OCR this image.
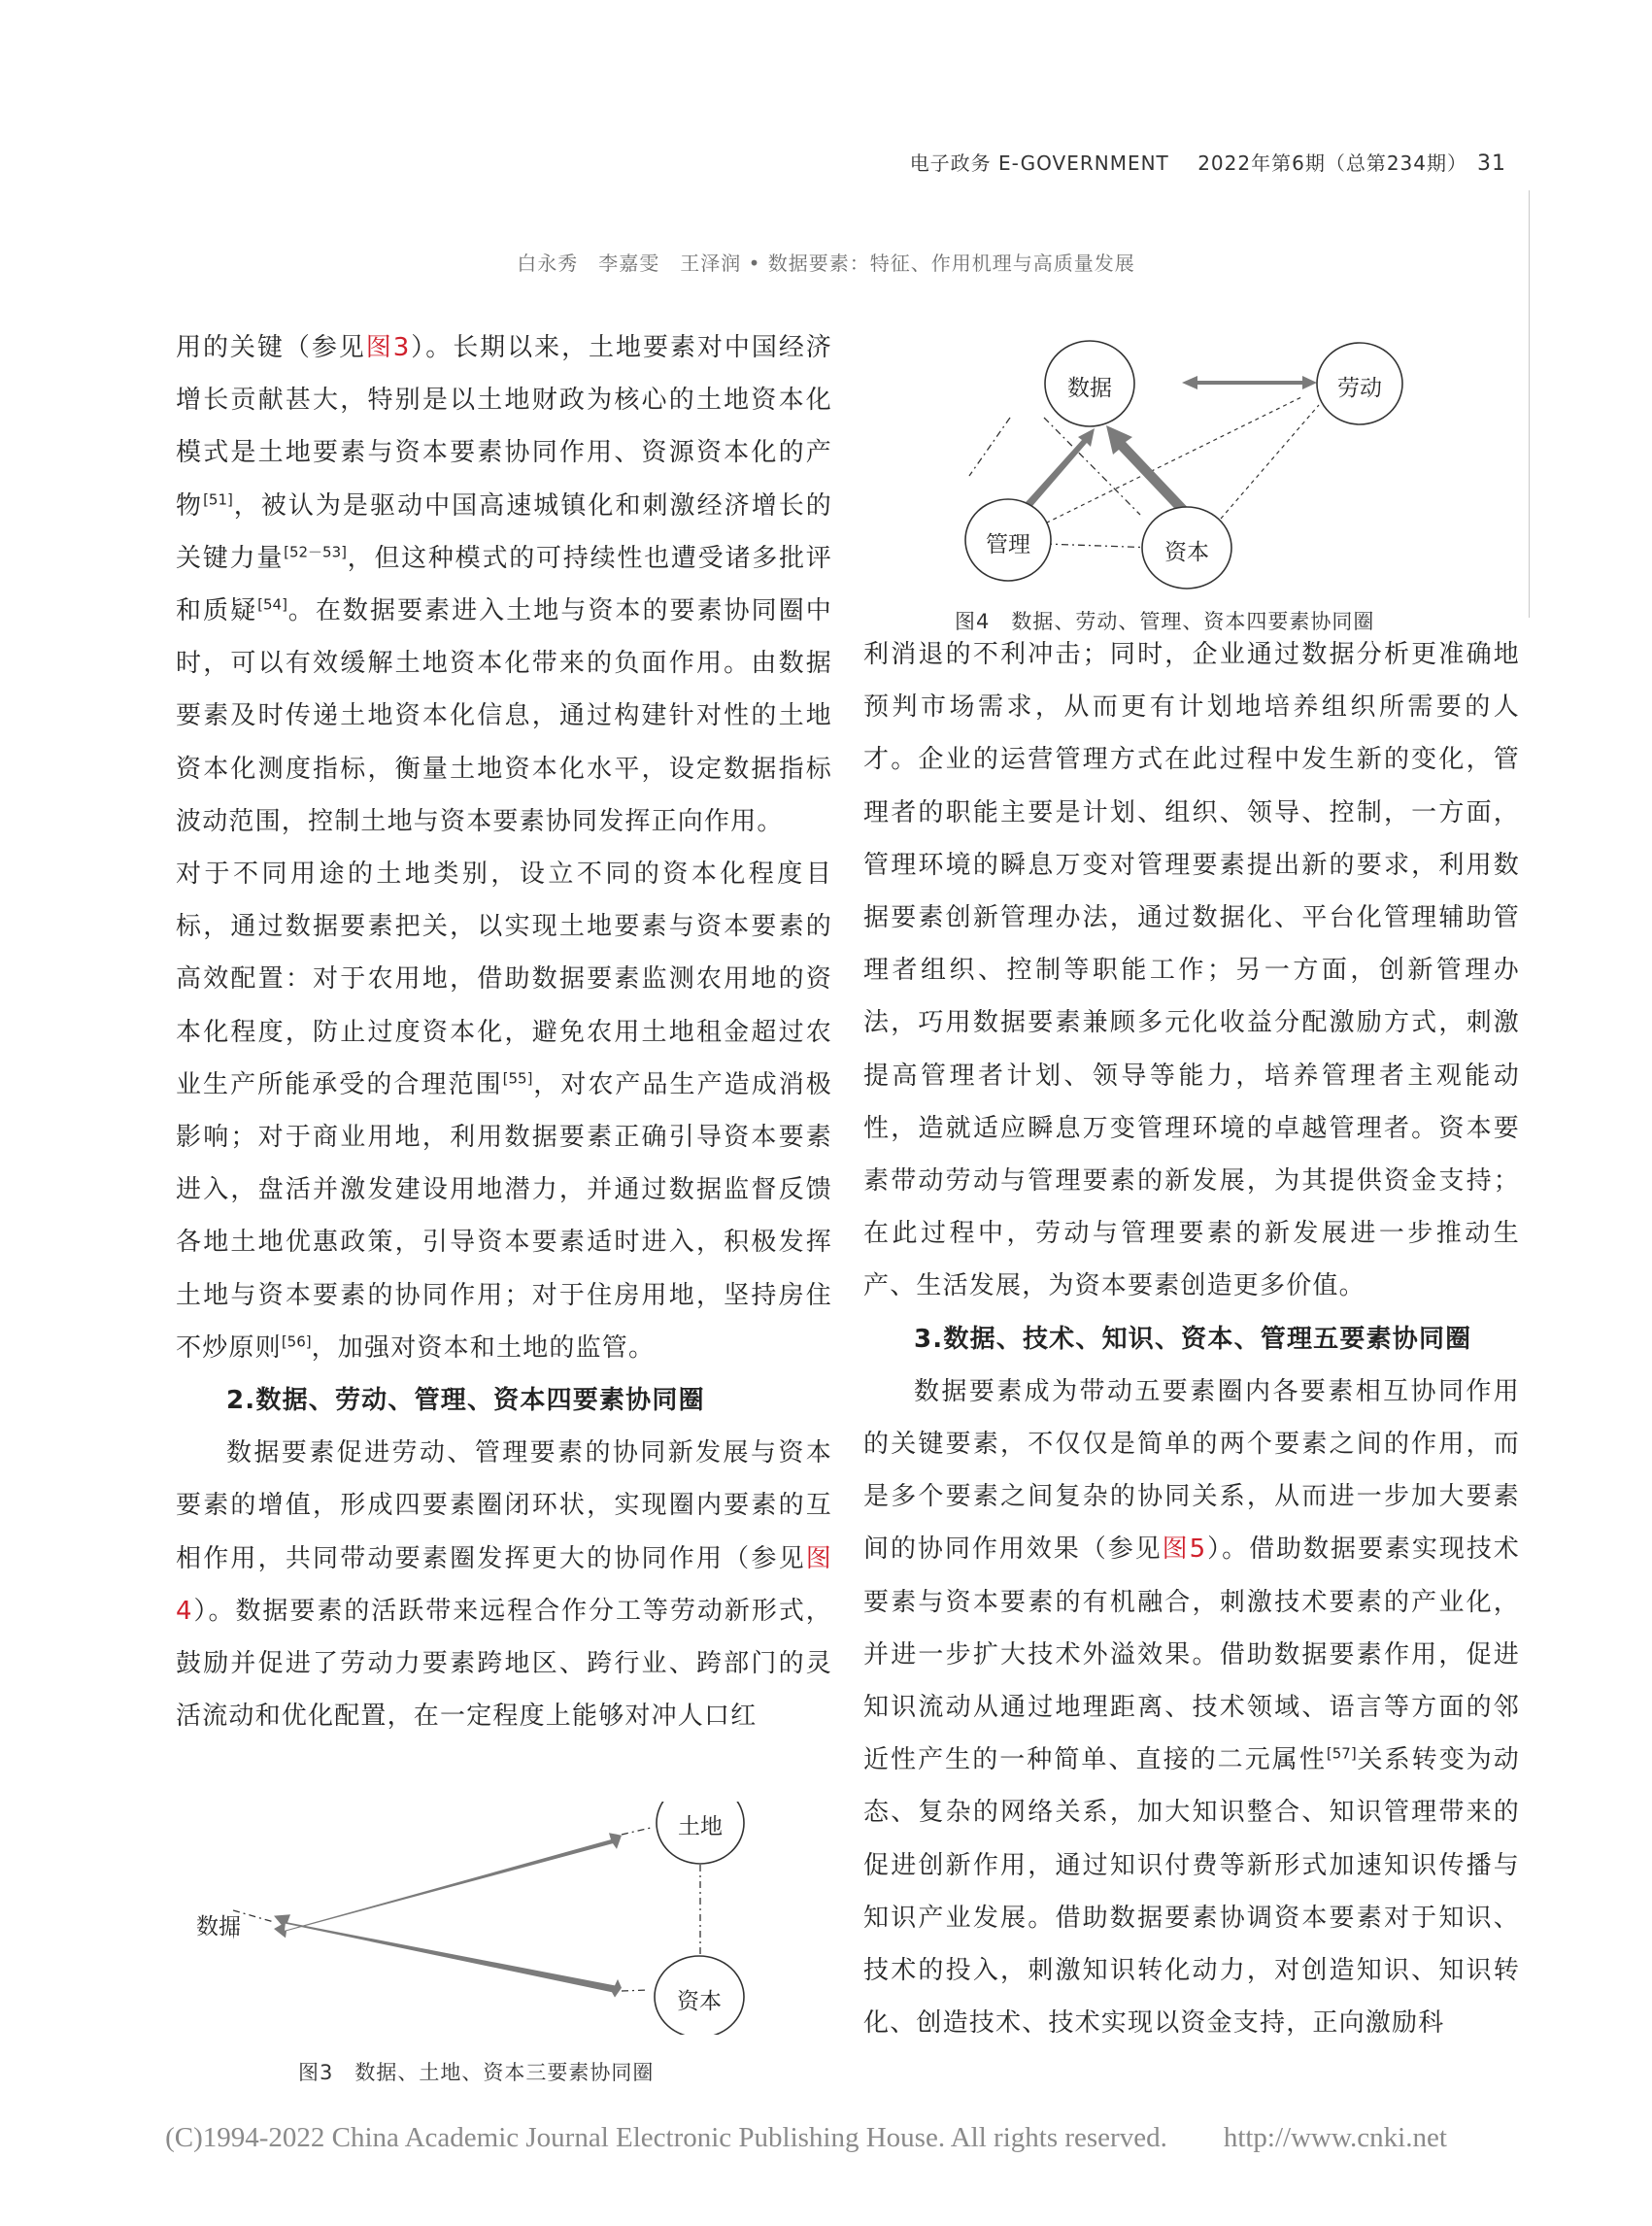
电子政务 E-GOVERNMENT 2022年第6期（总第234期） 31
白永秀　李嘉雯　王泽润 • 数据要素：特征、作用机理与高质量发展

用的关键（参见图3）。长期以来，土地要素对中国经济增长贡献甚大，特别是以土地财政为核心的土地资本化模式是土地要素与资本要素协同作用、资源资本化的产物[51]，被认为是驱动中国高速城镇化和刺激经济增长的关键力量[52－53]，但这种模式的可持续性也遭受诸多批评和质疑[54]。在数据要素进入土地与资本的要素协同圈中时，可以有效缓解土地资本化带来的负面作用。由数据要素及时传递土地资本化信息，通过构建针对性的土地资本化测度指标，衡量土地资本化水平，设定数据指标波动范围，控制土地与资本要素协同发挥正向作用。

对于不同用途的土地类别，设立不同的资本化程度目标，通过数据要素把关，以实现土地要素与资本要素的高效配置：对于农用地，借助数据要素监测农用地的资本化程度，防止过度资本化，避免农用土地租金超过农业生产所能承受的合理范围[55]，对农产品生产造成消极影响；对于商业用地，利用数据要素正确引导资本要素进入，盘活并激发建设用地潜力，并通过数据监督反馈各地土地优惠政策，引导资本要素适时进入，积极发挥土地与资本要素的协同作用；对于住房用地，坚持房住不炒原则[56]，加强对资本和土地的监管。

2.数据、劳动、管理、资本四要素协同圈

数据要素促进劳动、管理要素的协同新发展与资本要素的增值，形成四要素圈闭环状，实现圈内要素的互相作用，共同带动要素圈发挥更大的协同作用（参见图4）。数据要素的活跃带来远程合作分工等劳动新形式，鼓励并促进了劳动力要素跨地区、跨行业、跨部门的灵活流动和优化配置，在一定程度上能够对冲人口红

数据
土地
资本
图3　数据、土地、资本三要素协同圈
数据	劳动
管理	资本
图4　数据、劳动、管理、资本四要素协同圈

利消退的不利冲击；同时，企业通过数据分析更准确地预判市场需求，从而更有计划地培养组织所需要的人才。企业的运营管理方式在此过程中发生新的变化，管理者的职能主要是计划、组织、领导、控制，一方面，管理环境的瞬息万变对管理要素提出新的要求，利用数据要素创新管理办法，通过数据化、平台化管理辅助管理者组织、控制等职能工作；另一方面，创新管理办法，巧用数据要素兼顾多元化收益分配激励方式，刺激提高管理者计划、领导等能力，培养管理者主观能动性，造就适应瞬息万变管理环境的卓越管理者。资本要素带动劳动与管理要素的新发展，为其提供资金支持；在此过程中，劳动与管理要素的新发展进一步推动生产、生活发展，为资本要素创造更多价值。

3.数据、技术、知识、资本、管理五要素协同圈

数据要素成为带动五要素圈内各要素相互协同作用的关键要素，不仅仅是简单的两个要素之间的作用，而是多个要素之间复杂的协同关系，从而进一步加大要素间的协同作用效果（参见图5）。借助数据要素实现技术要素与资本要素的有机融合，刺激技术要素的产业化，并进一步扩大技术外溢效果。借助数据要素作用，促进知识流动从通过地理距离、技术领域、语言等方面的邻近性产生的一种简单、直接的二元属性[57]关系转变为动态、复杂的网络关系，加大知识整合、知识管理带来的促进创新作用，通过知识付费等新形式加速知识传播与知识产业发展。借助数据要素协调资本要素对于知识、技术的投入，刺激知识转化动力，对创造知识、知识转化、创造技术、技术实现以资金支持，正向激励科

(C)1994-2022 China Academic Journal Electronic Publishing House. All rights reserved.　　http://www.cnki.net
